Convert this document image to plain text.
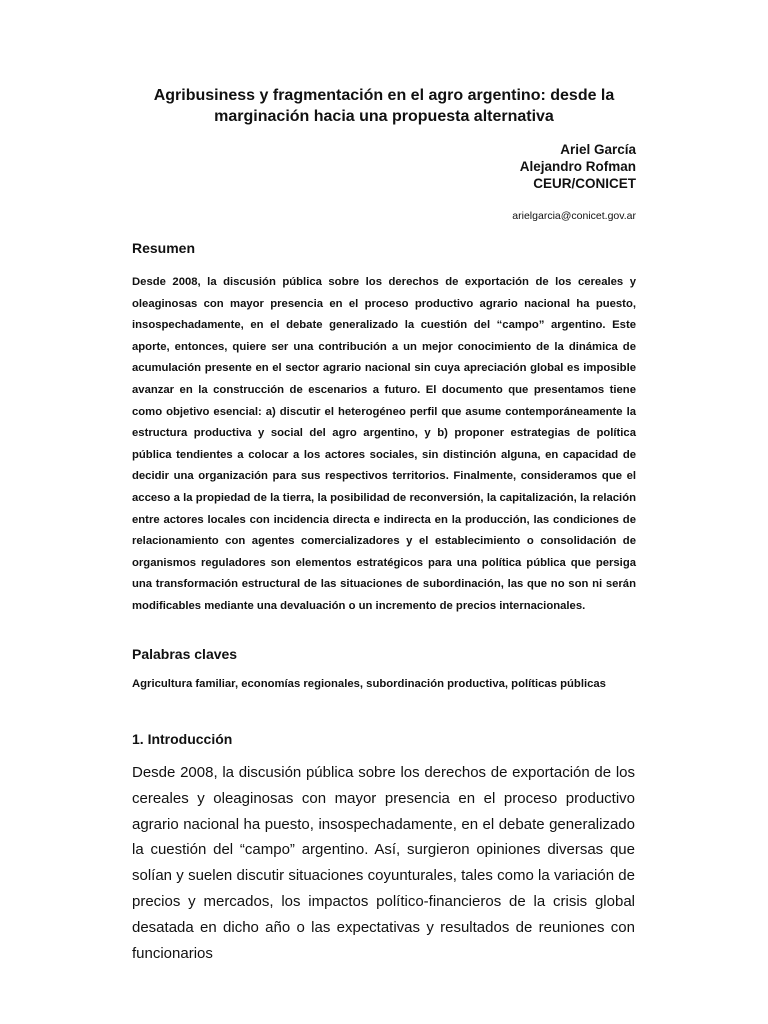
Agribusiness y fragmentación en el agro argentino: desde la marginación hacia una propuesta alternativa
Ariel García
Alejandro Rofman
CEUR/CONICET
arielgarcia@conicet.gov.ar
Resumen

Desde 2008, la discusión pública sobre los derechos de exportación de los cereales y oleaginosas con mayor presencia en el proceso productivo agrario nacional ha puesto, insospechadamente, en el debate generalizado la cuestión del “campo” argentino. Este aporte, entonces, quiere ser una contribución a un mejor conocimiento de la dinámica de acumulación presente en el sector agrario nacional sin cuya apreciación global es imposible avanzar en la construcción de escenarios a futuro. El documento que presentamos tiene como objetivo esencial: a) discutir el heterogéneo perfil que asume contemporáneamente la estructura productiva y social del agro argentino, y b) proponer estrategias de política pública tendientes a colocar a los actores sociales, sin distinción alguna, en capacidad de decidir una organización para sus respectivos territorios. Finalmente, consideramos que el acceso a la propiedad de la tierra, la posibilidad de reconversión, la capitalización, la relación entre actores locales con incidencia directa e indirecta en la producción, las condiciones de relacionamiento con agentes comercializadores y el establecimiento o consolidación de organismos reguladores son elementos estratégicos para una política pública que persiga una transformación estructural de las situaciones de subordinación, las que no son ni serán modificables mediante una devaluación o un incremento de precios internacionales.

Palabras claves

Agricultura familiar, economías regionales, subordinación productiva, políticas públicas

1. Introducción

Desde 2008, la discusión pública sobre los derechos de exportación de los cereales y oleaginosas con mayor presencia en el proceso productivo agrario nacional ha puesto, insospechadamente, en el debate generalizado la cuestión del “campo” argentino. Así, surgieron opiniones diversas que solían y suelen discutir situaciones coyunturales, tales como la variación de precios y mercados, los impactos político-financieros de la crisis global desatada en dicho año o las expectativas y resultados de reuniones con funcionarios
